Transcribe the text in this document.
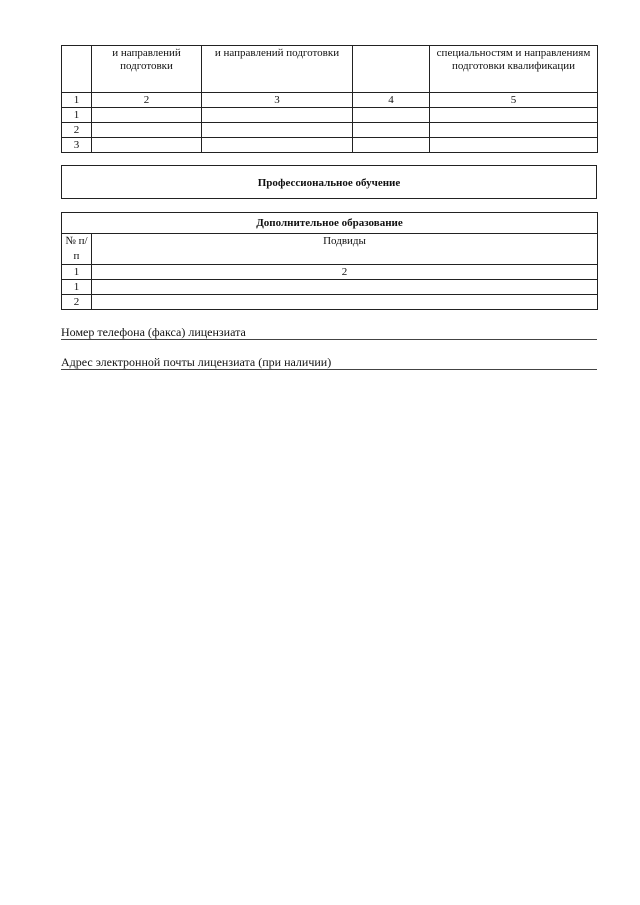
	и направлений подготовки	и направлений подготовки		специальностям и направлениям подготовки квалификации
1	2	3	4	5
1				
2				
3				
Профессиональное обучение
Дополнительное образование	
№ п/п	Подвиды
1	2
1	
2	
Номер телефона (факса) лицензиата
Адрес электронной почты лицензиата (при наличии)
